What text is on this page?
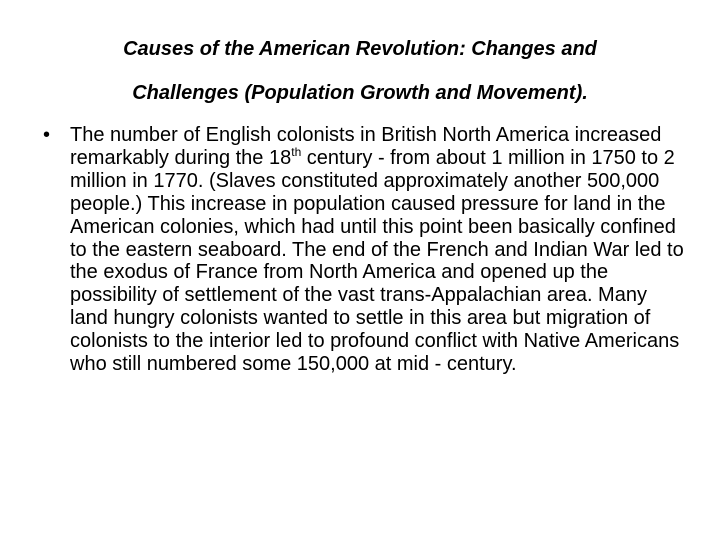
Causes of the American Revolution: Changes and
Challenges (Population Growth and Movement).
• The number of English colonists in British North America increased remarkably during the 18th century - from about 1 million in 1750 to 2 million in 1770. (Slaves constituted approximately another 500,000 people.) This increase in population caused pressure for land in the American colonies, which had until this point been basically confined to the eastern seaboard. The end of the French and Indian War led to the exodus of France from North America and opened up the possibility of settlement of the vast trans-Appalachian area. Many land hungry colonists wanted to settle in this area but migration of colonists to the interior led to profound conflict with Native Americans who still numbered some 150,000 at mid - century.
